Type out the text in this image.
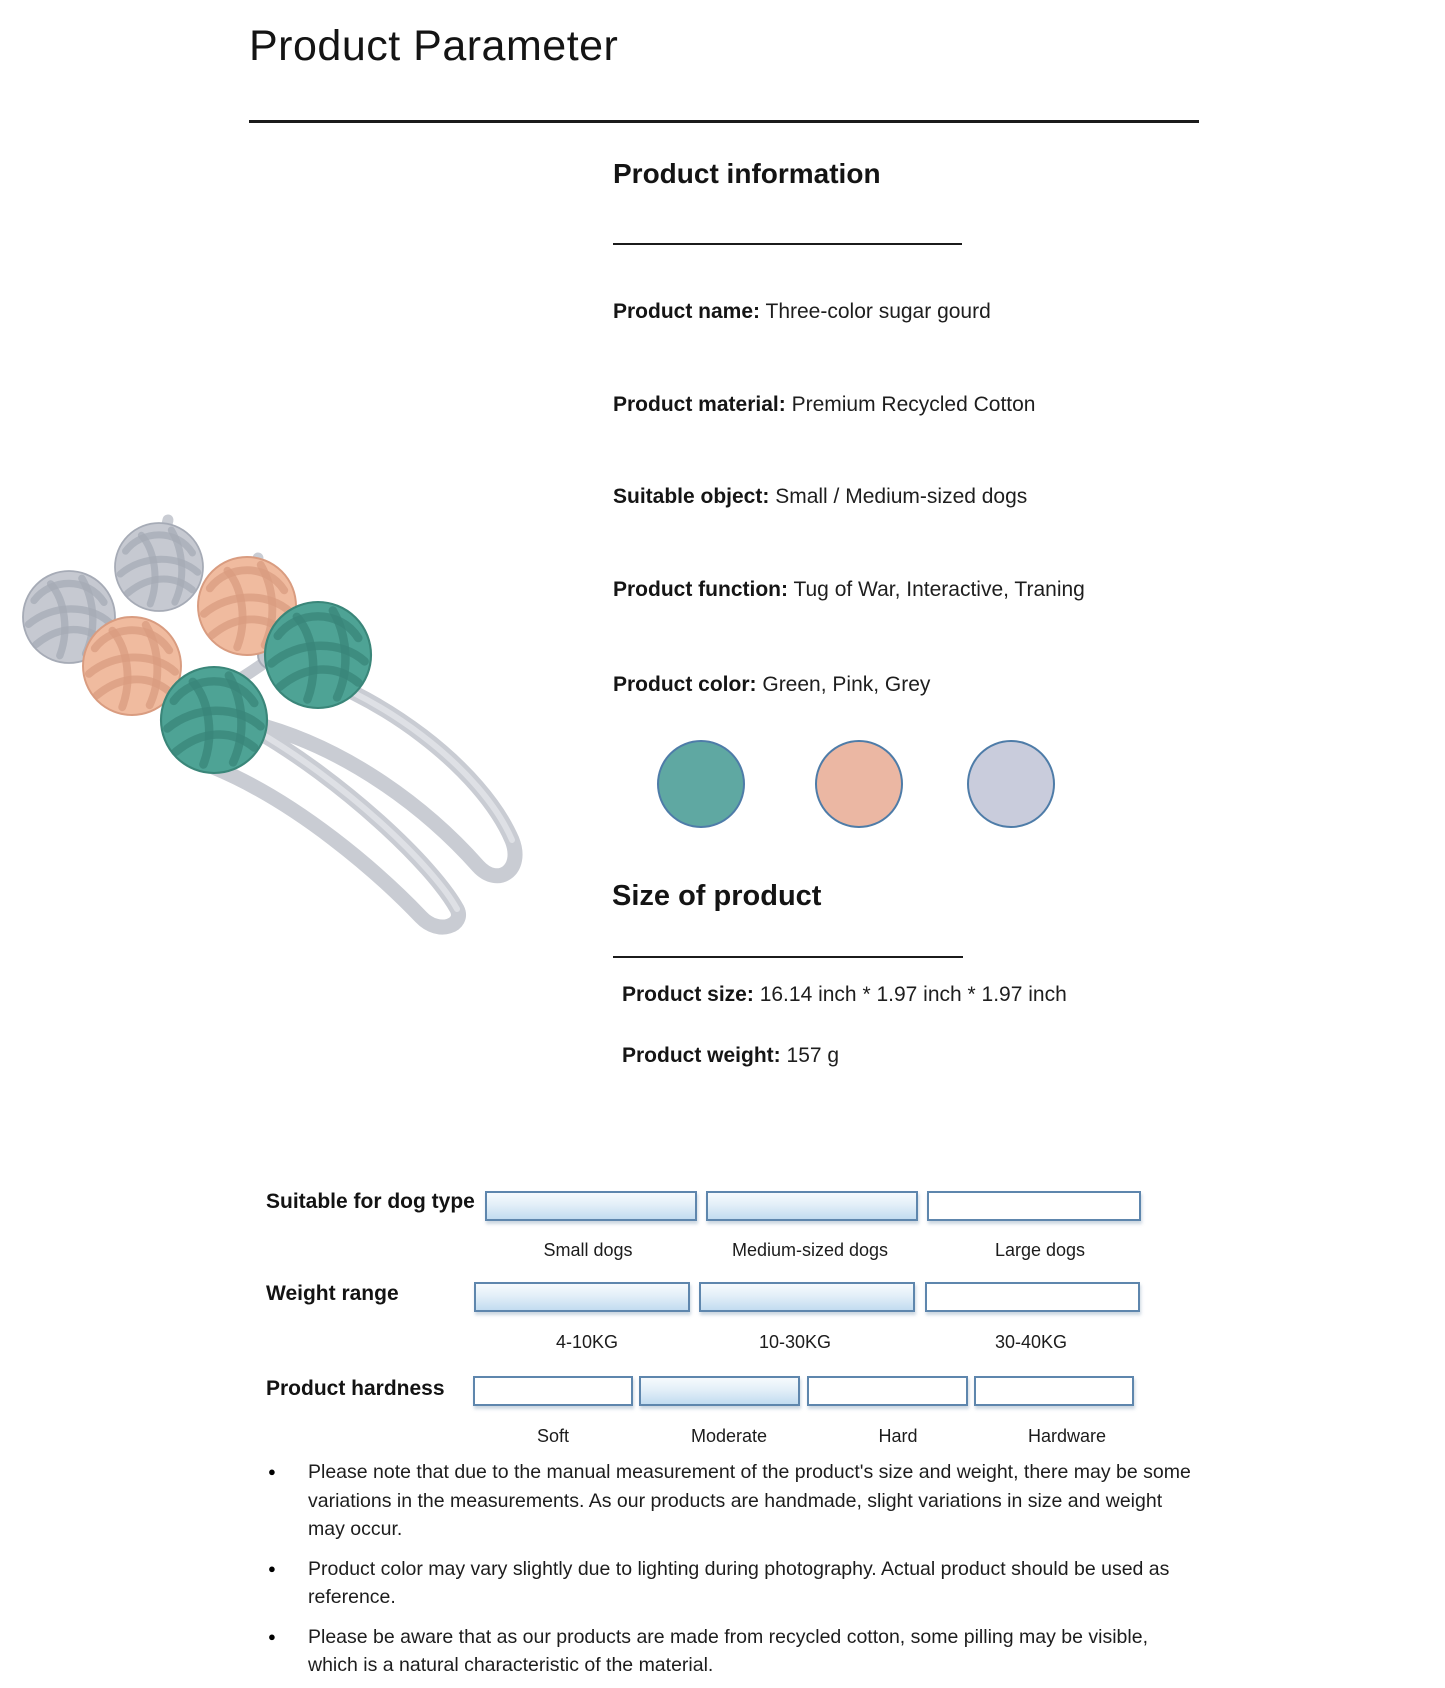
Product Parameter
Product information
Product name: Three-color sugar gourd
Product material: Premium Recycled Cotton
Suitable object: Small / Medium-sized dogs
Product function: Tug of War, Interactive, Traning
Product color: Green, Pink, Grey
Size of product
Product size: 16.14 inch * 1.97 inch * 1.97 inch
Product weight: 157 g
Suitable for dog type
Small dogs	Medium-sized dogs	Large dogs
Weight range
4-10KG	10-30KG	30-40KG
Product hardness
Soft	Moderate	Hard	Hardware
●	Please note that due to the manual measurement of the product's size and weight, there may be some variations in the measurements. As our products are handmade, slight variations in size and weight may occur.
●	Product color may vary slightly due to lighting during photography. Actual product should be used as reference.
●	Please be aware that as our products are made from recycled cotton, some pilling may be visible, which is a natural characteristic of the material.
